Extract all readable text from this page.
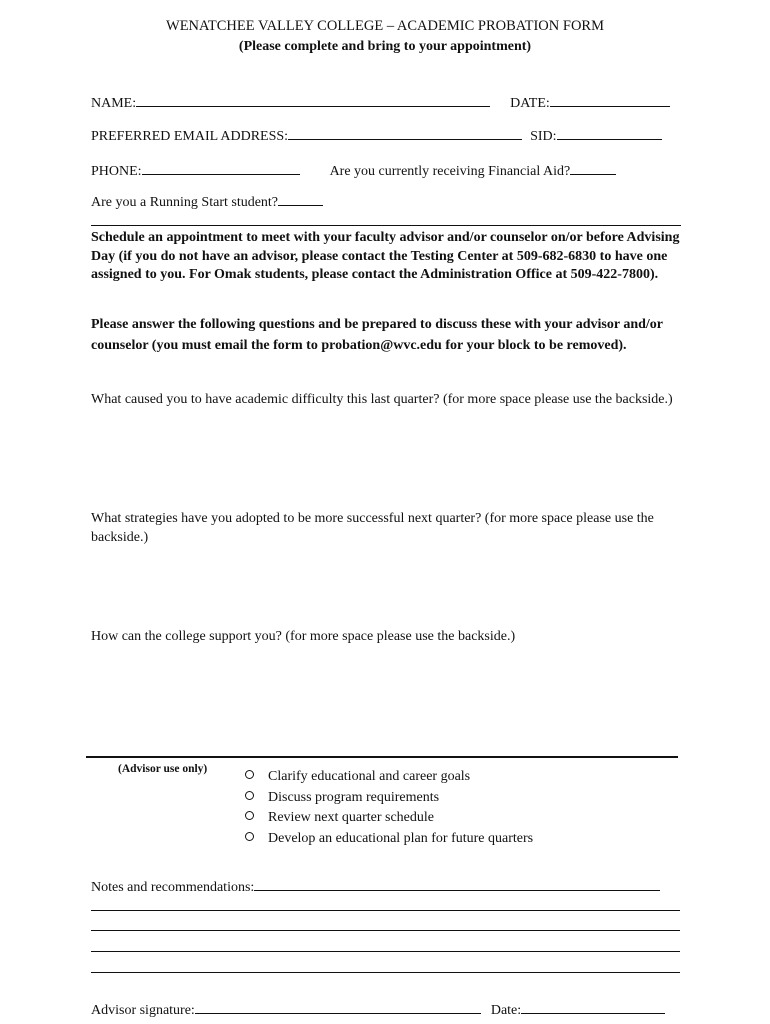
WENATCHEE VALLEY COLLEGE – ACADEMIC PROBATION FORM
(Please complete and bring to your appointment)
NAME:	DATE:
PREFERRED EMAIL ADDRESS:	SID:
PHONE:	Are you currently receiving Financial Aid?
Are you a Running Start student?
Schedule an appointment to meet with your faculty advisor and/or counselor on/or before Advising Day (if you do not have an advisor, please contact the Testing Center at 509-682-6830 to have one assigned to you. For Omak students, please contact the Administration Office at 509-422-7800).
Please answer the following questions and be prepared to discuss these with your advisor and/or counselor (you must email the form to probation@wvc.edu for your block to be removed).
What caused you to have academic difficulty this last quarter? (for more space please use the backside.)
What strategies have you adopted to be more successful next quarter? (for more space please use the backside.)
How can the college support you? (for more space please use the backside.)
(Advisor use only)	Clarify educational and career goals
Discuss program requirements
Review next quarter schedule
Develop an educational plan for future quarters
Notes and recommendations:
Advisor signature:	Date:
